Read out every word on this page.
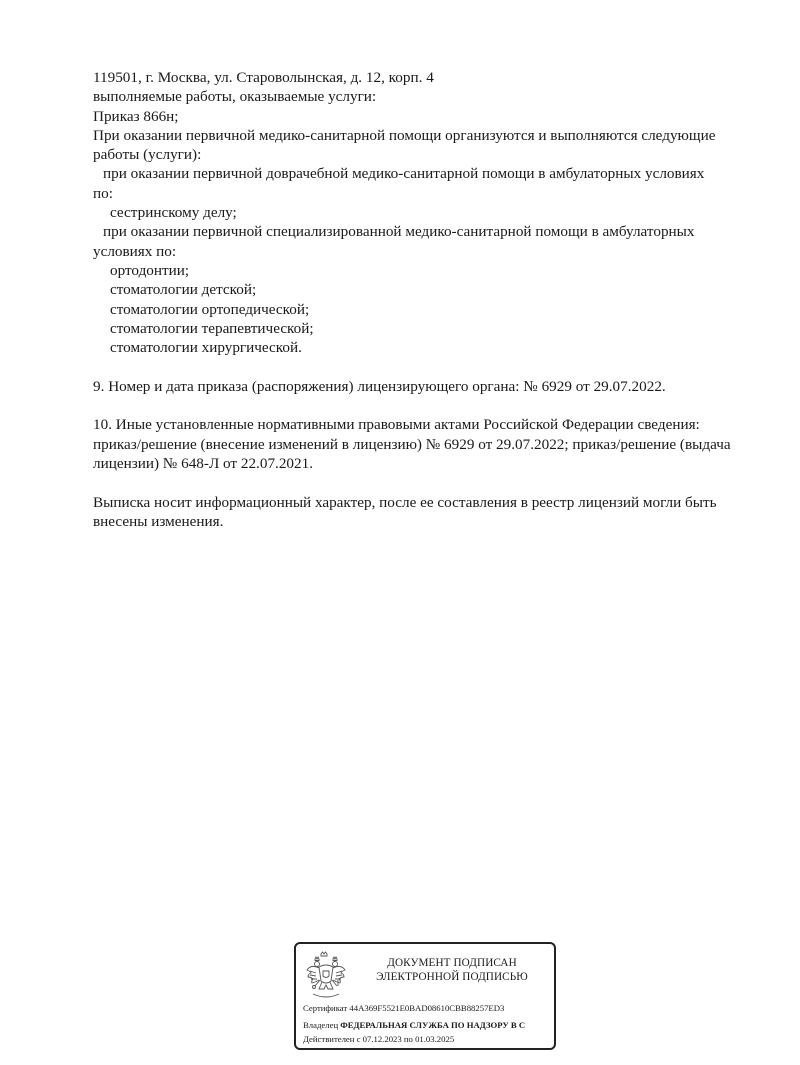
119501, г. Москва, ул. Староволынская, д. 12, корп. 4
выполняемые работы, оказываемые услуги:
Приказ 866н;
При оказании первичной медико-санитарной помощи организуются и выполняются следующие
работы (услуги):
при оказании первичной доврачебной медико-санитарной помощи в амбулаторных условиях
по:
сестринскому делу;
при оказании первичной специализированной медико-санитарной помощи в амбулаторных
условиях по:
ортодонтии;
стоматологии детской;
стоматологии ортопедической;
стоматологии терапевтической;
стоматологии хирургической.
9. Номер и дата приказа (распоряжения) лицензирующего органа: № 6929 от 29.07.2022.
10. Иные установленные нормативными правовыми актами Российской Федерации сведения:
приказ/решение (внесение изменений в лицензию) № 6929 от 29.07.2022; приказ/решение (выдача
лицензии) № 648-Л от 22.07.2021.
Выписка носит информационный характер, после ее составления в реестр лицензий могли быть
внесены изменения.
ДОКУМЕНТ ПОДПИСАН
ЭЛЕКТРОННОЙ ПОДПИСЬЮ
Сертификат 44A369F5521E0BAD08610CBB88257ED3
Владелец ФЕДЕРАЛЬНАЯ СЛУЖБА ПО НАДЗОРУ В С
Действителен с 07.12.2023 по 01.03.2025
